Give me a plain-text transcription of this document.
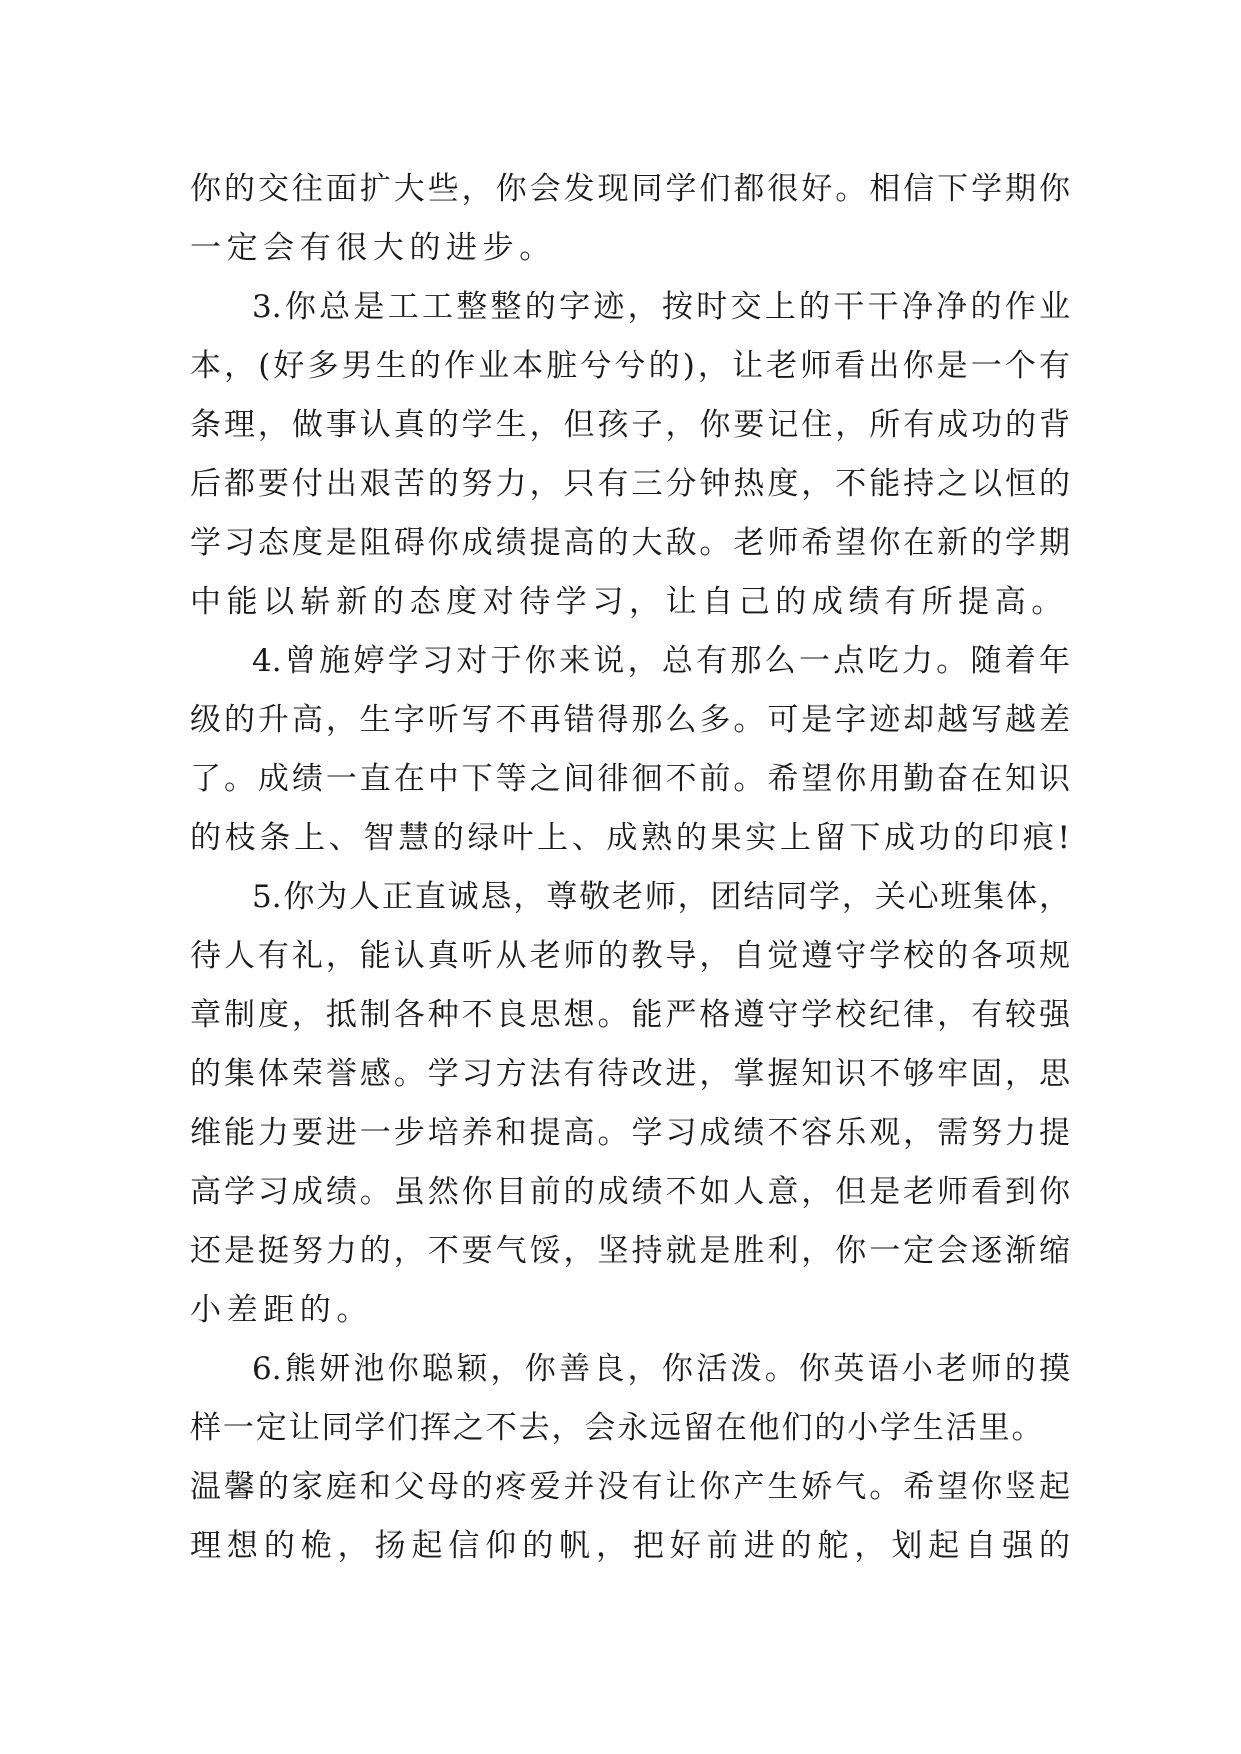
你的交往面扩大些，你会发现同学们都很好。相信下学期你
一定会有很大的进步。
3.你总是工工整整的字迹，按时交上的干干净净的作业
本，(好多男生的作业本脏兮兮的)，让老师看出你是一个有
条理，做事认真的学生，但孩子，你要记住，所有成功的背
后都要付出艰苦的努力，只有三分钟热度，不能持之以恒的
学习态度是阻碍你成绩提高的大敌。老师希望你在新的学期
中能以崭新的态度对待学习，让自己的成绩有所提高。
4.曾施婷学习对于你来说，总有那么一点吃力。随着年
级的升高，生字听写不再错得那么多。可是字迹却越写越差
了。成绩一直在中下等之间徘徊不前。希望你用勤奋在知识
的枝条上、智慧的绿叶上、成熟的果实上留下成功的印痕!
5.你为人正直诚恳，尊敬老师，团结同学，关心班集体，
待人有礼，能认真听从老师的教导，自觉遵守学校的各项规
章制度，抵制各种不良思想。能严格遵守学校纪律，有较强
的集体荣誉感。学习方法有待改进，掌握知识不够牢固，思
维能力要进一步培养和提高。学习成绩不容乐观，需努力提
高学习成绩。虽然你目前的成绩不如人意，但是老师看到你
还是挺努力的，不要气馁，坚持就是胜利，你一定会逐渐缩
小差距的。
6.熊妍池你聪颖，你善良，你活泼。你英语小老师的摸
样一定让同学们挥之不去，会永远留在他们的小学生活里。
温馨的家庭和父母的疼爱并没有让你产生娇气。希望你竖起
理想的桅，扬起信仰的帆，把好前进的舵，划起自强的
